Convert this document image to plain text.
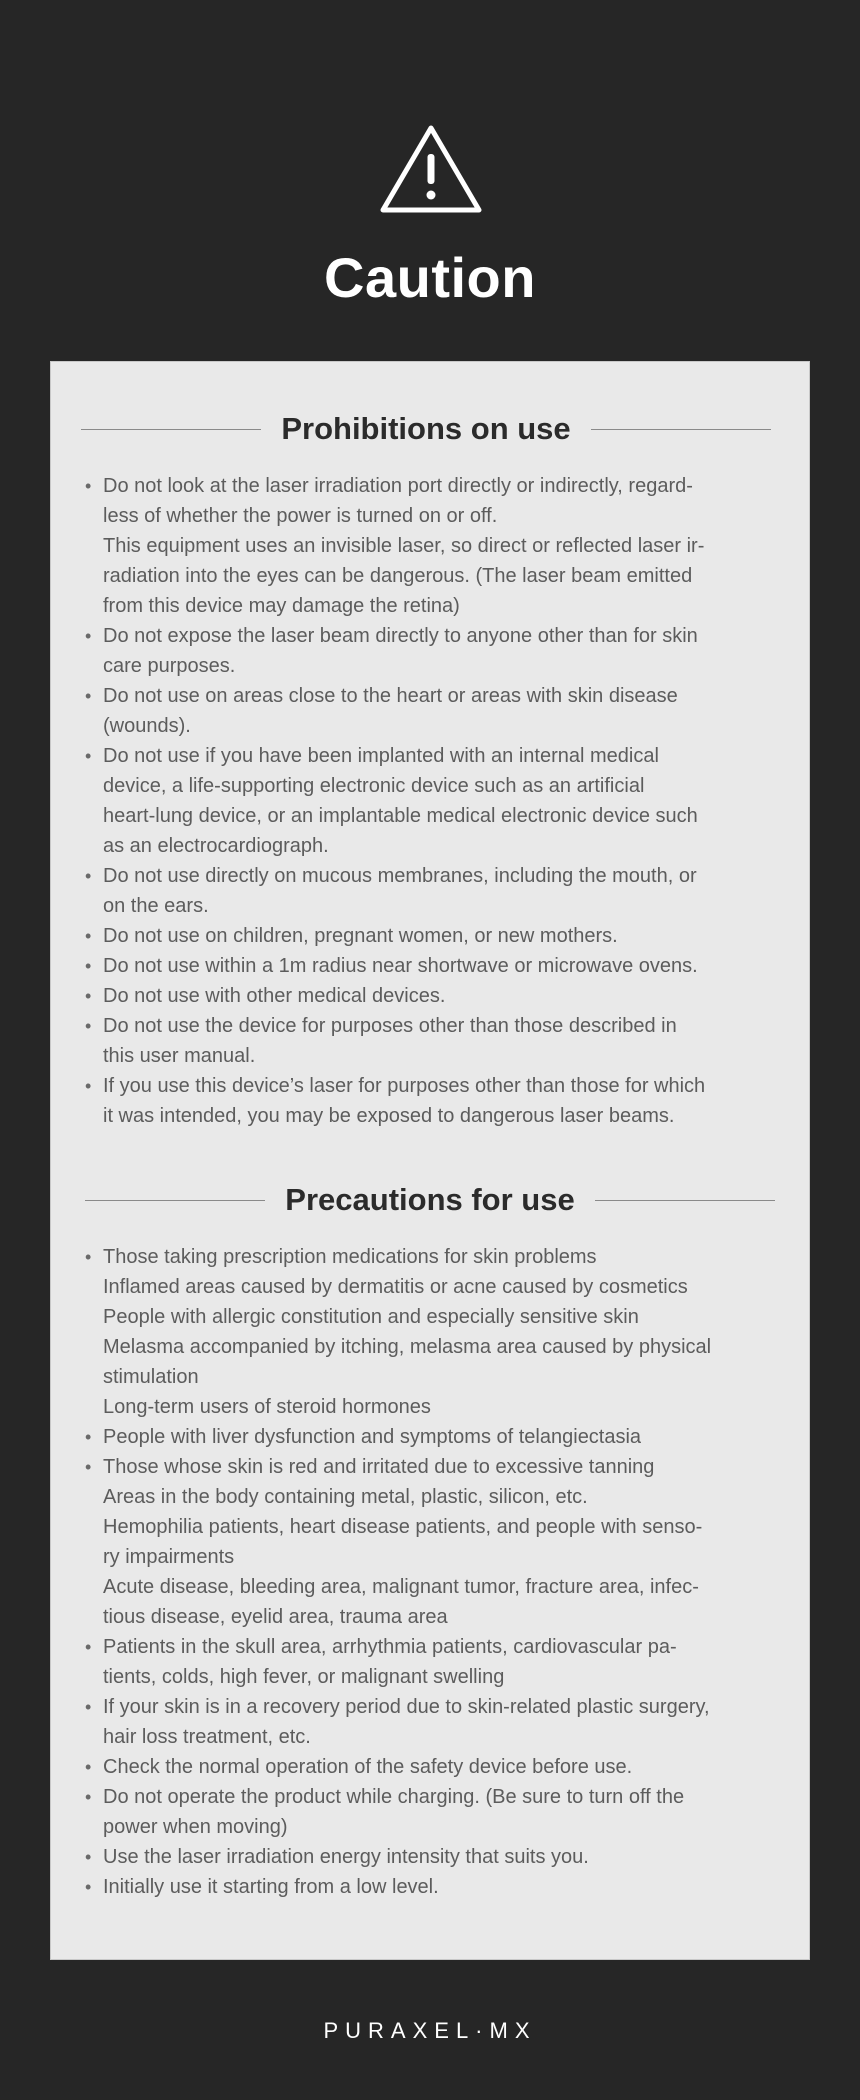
Caution
Prohibitions on use
• Do not look at the laser irradiation port directly or indirectly, regard-
less of whether the power is turned on or off.
This equipment uses an invisible laser, so direct or reflected laser ir-
radiation into the eyes can be dangerous. (The laser beam emitted
from this device may damage the retina)
• Do not expose the laser beam directly to anyone other than for skin
care purposes.
• Do not use on areas close to the heart or areas with skin disease
(wounds).
• Do not use if you have been implanted with an internal medical
device, a life-supporting electronic device such as an artificial
heart-lung device, or an implantable medical electronic device such
as an electrocardiograph.
• Do not use directly on mucous membranes, including the mouth, or
on the ears.
• Do not use on children, pregnant women, or new mothers.
• Do not use within a 1m radius near shortwave or microwave ovens.
• Do not use with other medical devices.
• Do not use the device for purposes other than those described in
this user manual.
• If you use this device’s laser for purposes other than those for which
it was intended, you may be exposed to dangerous laser beams.
Precautions for use
• Those taking prescription medications for skin problems
Inflamed areas caused by dermatitis or acne caused by cosmetics
People with allergic constitution and especially sensitive skin
Melasma accompanied by itching, melasma area caused by physical
stimulation
Long-term users of steroid hormones
• People with liver dysfunction and symptoms of telangiectasia
• Those whose skin is red and irritated due to excessive tanning
Areas in the body containing metal, plastic, silicon, etc.
Hemophilia patients, heart disease patients, and people with senso-
ry impairments
Acute disease, bleeding area, malignant tumor, fracture area, infec-
tious disease, eyelid area, trauma area
• Patients in the skull area, arrhythmia patients, cardiovascular pa-
tients, colds, high fever, or malignant swelling
• If your skin is in a recovery period due to skin-related plastic surgery,
hair loss treatment, etc.
• Check the normal operation of the safety device before use.
• Do not operate the product while charging. (Be sure to turn off the
power when moving)
• Use the laser irradiation energy intensity that suits you.
• Initially use it starting from a low level.
PURAXEL·MX
